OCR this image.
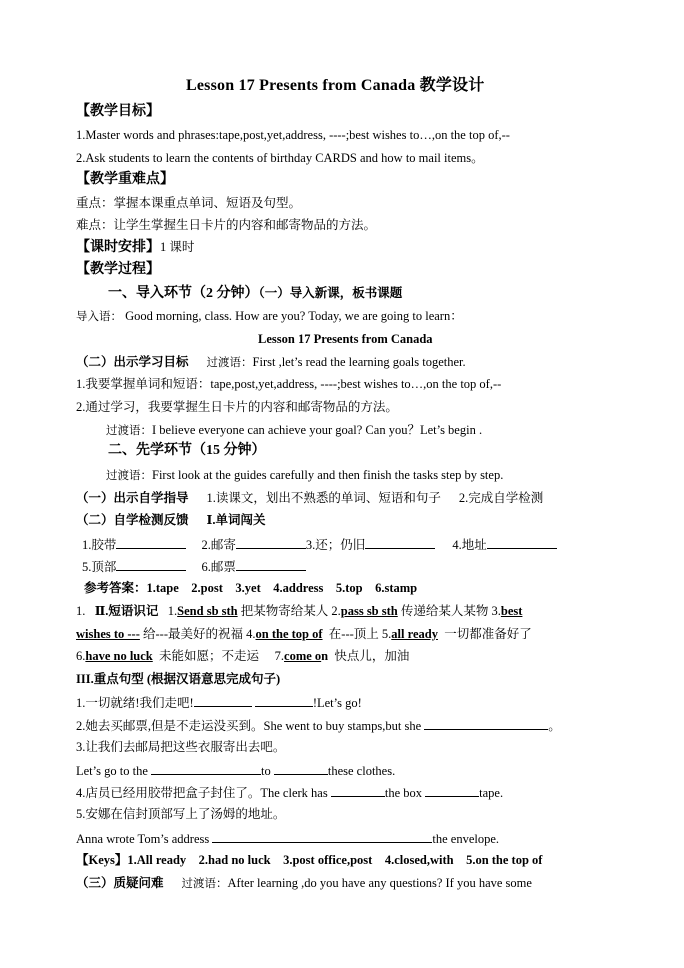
Lesson 17 Presents from Canada 教学设计
【教学目标】
1.Master words and phrases:tape,post,yet,address, ----;best wishes to…,on the top of,--
2.Ask students to learn the contents of birthday CARDS and how to mail items。
【教学重难点】
重点：掌握本课重点单词、短语及句型。
难点：让学生掌握生日卡片的内容和邮寄物品的方法。
【课时安排】1 课时
【教学过程】
一、导入环节（2 分钟）（一）导入新课，板书课题
导入语： Good morning, class. How are you? Today, we are going to learn：
Lesson 17 Presents from Canada
（二）出示学习目标 过渡语：First ,let’s read the learning goals together.
1.我要掌握单词和短语：tape,post,yet,address, ----;best wishes to…,on the top of,--
2.通过学习，我要掌握生日卡片的内容和邮寄物品的方法。
过渡语：I believe everyone can achieve your goal? Can you？Let’s begin .
二、先学环节（15 分钟）
过渡语：First look at the guides carefully and then finish the tasks step by step.
（一）出示自学指导 1.读课文，划出不熟悉的单词、短语和句子 2.完成自学检测
（二）自学检测反馈 Ⅰ.单词闯关
1.胶带	2.邮寄	3.还；仍旧	4.地址
5.顶部	6.邮票
参考答案：1.tape    2.post    3.yet    4.address    5.top    6.stamp
1. Ⅱ.短语识记 1.Send sb sth 把某物寄给某人 2.pass sb sth 传递给某人某物 3.best
wishes to --- 给---最美好的祝福 4.on the top of  在---顶上 5.all ready  一切都准备好了
6.have no luck  未能如愿；不走运     7.come on  快点儿，加油
III.重点句型 (根据汉语意思完成句子)
1.一切就绪!我们走吧!	!Let’s go!
2.她去买邮票,但是不走运没买到。She went to buy stamps,but she	。
3.让我们去邮局把这些衣服寄出去吧。
Let’s go to the	to	these clothes.
4.店员已经用胶带把盒子封住了。The clerk has	the box	tape.
5.安娜在信封顶部写上了汤姆的地址。
Anna wrote Tom’s address	the envelope.
【Keys】1.All ready    2.had no luck    3.post office,post    4.closed,with    5.on the top of
（三）质疑问难 过渡语：After learning ,do you have any questions? If you have some
